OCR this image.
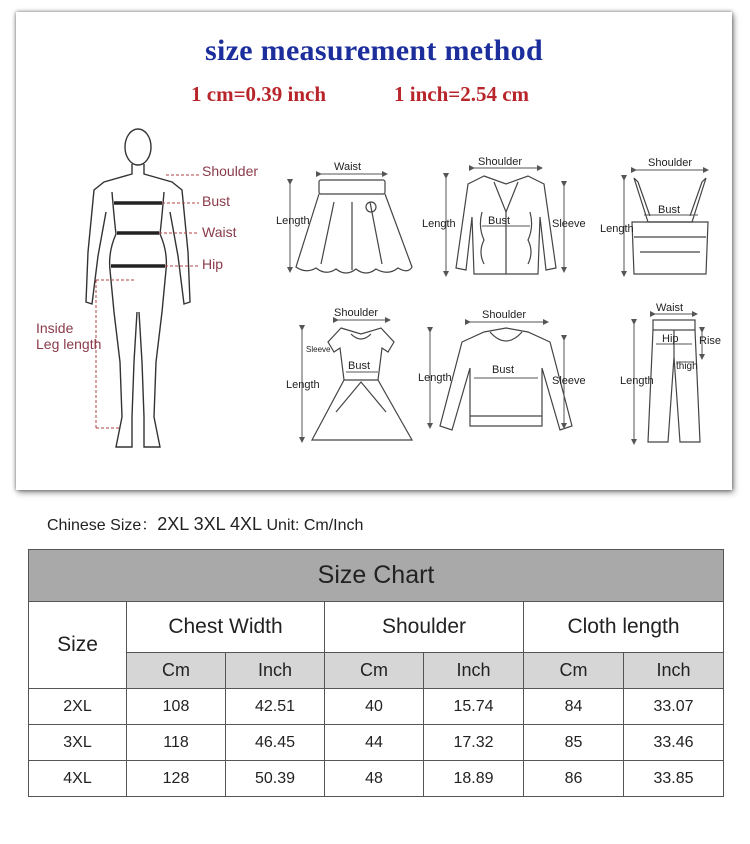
size measurement method
1 cm=0.39 inch	1 inch=2.54 cm
Shoulder
Bust
Waist
Hip
Inside
Leg length
Waist
Length
Shoulder
Length	Bust	Sleeve
Shoulder
Length
Bust
Shoulder
Sleeve
Bust
Length
Shoulder
Length
Bust
Sleeve
Waist
Hip Rise
thigh
Length
Chinese Size：2XL 3XL 4XL Unit: Cm/Inch
Size Chart						
Size	Chest Width		Shoulder		Cloth length	
	Cm	Inch	Cm	Inch	Cm	Inch
2XL	108	42.51	40	15.74	84	33.07
3XL	118	46.45	44	17.32	85	33.46
4XL	128	50.39	48	18.89	86	33.85
